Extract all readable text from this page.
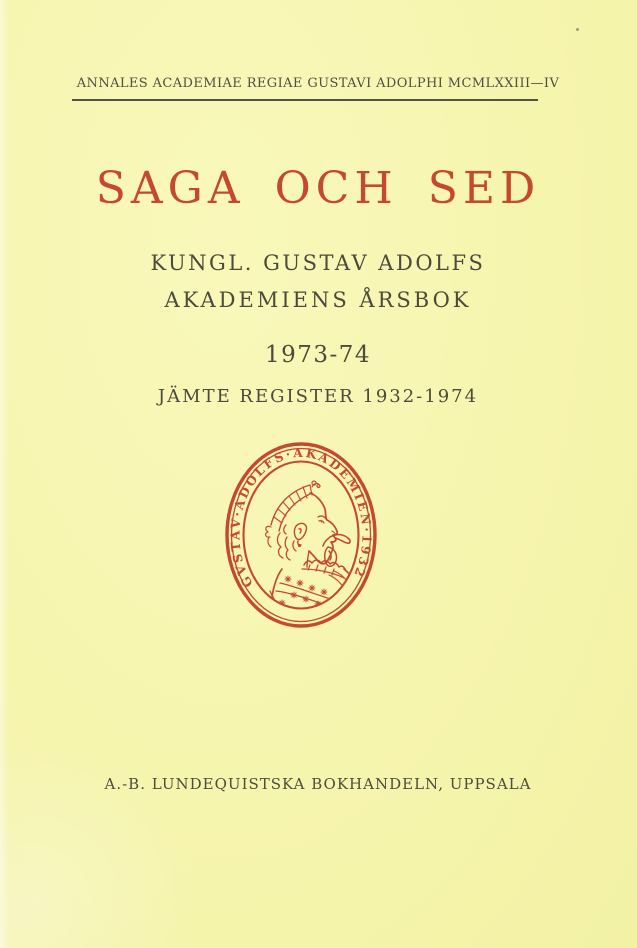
ANNALES ACADEMIAE REGIAE GUSTAVI ADOLPHI MCMLXXIII—IV
SAGA OCH SED
KUNGL. GUSTAV ADOLFS
AKADEMIENS ÅRSBOK
1973-74
JÄMTE REGISTER 1932-1974
GVSTAV·ADOLFS·AKADEMIEN·1932
A.-B. LUNDEQUISTSKA BOKHANDELN, UPPSALA
